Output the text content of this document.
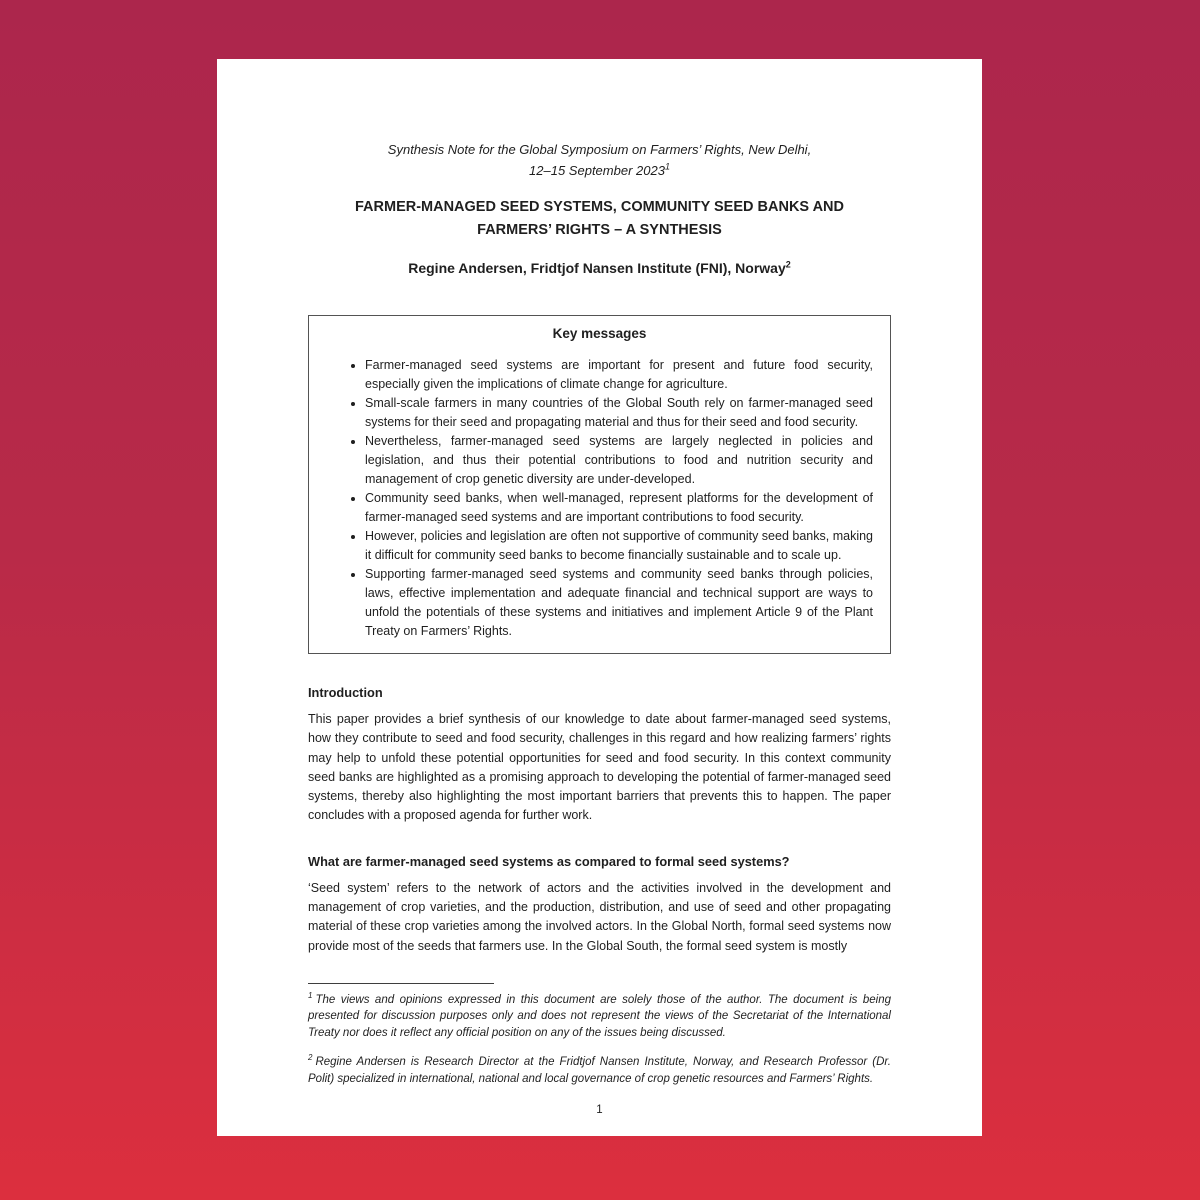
Synthesis Note for the Global Symposium on Farmers’ Rights, New Delhi,

12–15 September 2023$^1$

FARMER-MANAGED SEED SYSTEMS, COMMUNITY SEED BANKS AND
FARMERS’ RIGHTS – A SYNTHESIS

Regine Andersen, Fridtjof Nansen Institute (FNI), Norway$^2$

Key messages
• Farmer-managed seed systems are important for present and future food security, especially given the implications of climate change for agriculture.
• Small-scale farmers in many countries of the Global South rely on farmer-managed seed systems for their seed and propagating material and thus for their seed and food security.
• Nevertheless, farmer-managed seed systems are largely neglected in policies and legislation, and thus their potential contributions to food and nutrition security and management of crop genetic diversity are under-developed.
• Community seed banks, when well-managed, represent platforms for the development of farmer-managed seed systems and are important contributions to food security.
• However, policies and legislation are often not supportive of community seed banks, making it difficult for community seed banks to become financially sustainable and to scale up.
• Supporting farmer-managed seed systems and community seed banks through policies, laws, effective implementation and adequate financial and technical support are ways to unfold the potentials of these systems and initiatives and implement Article 9 of the Plant Treaty on Farmers’ Rights.
Introduction

This paper provides a brief synthesis of our knowledge to date about farmer-managed seed systems, how they contribute to seed and food security, challenges in this regard and how realizing farmers’ rights may help to unfold these potential opportunities for seed and food security. In this context community seed banks are highlighted as a promising approach to developing the potential of farmer-managed seed systems, thereby also highlighting the most important barriers that prevents this to happen. The paper concludes with a proposed agenda for further work.

What are farmer-managed seed systems as compared to formal seed systems?

‘Seed system’ refers to the network of actors and the activities involved in the development and management of crop varieties, and the production, distribution, and use of seed and other propagating material of these crop varieties among the involved actors. In the Global North, formal seed systems now provide most of the seeds that farmers use. In the Global South, the formal seed system is mostly

$^1$ The views and opinions expressed in this document are solely those of the author. The document is being presented for discussion purposes only and does not represent the views of the Secretariat of the International Treaty nor does it reflect any official position on any of the issues being discussed.

$^2$ Regine Andersen is Research Director at the Fridtjof Nansen Institute, Norway, and Research Professor (Dr. Polit) specialized in international, national and local governance of crop genetic resources and Farmers’ Rights.

1
